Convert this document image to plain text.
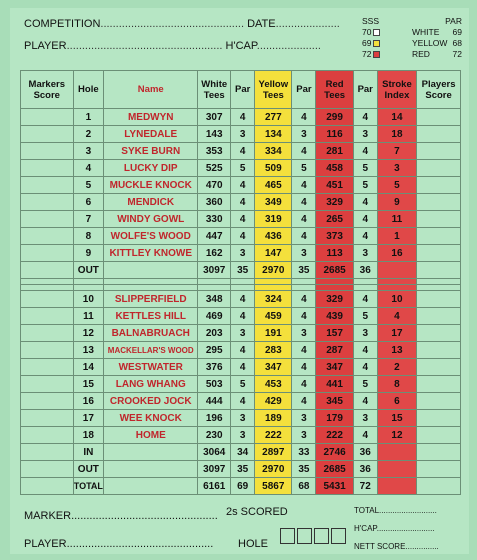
COMPETITION............................................... DATE.....................
PLAYER................................................... H'CAP.....................
SSS	PAR
70	WHITE 69
69	YELLOW 68
72	RED	72
Markers Score	Hole	Name	White Tees	Par	Yellow Tees	Par	Red Tees	Par	Stroke Index	Players Score
	1	MEDWYN	307	4	277	4	299	4	14	
	2	LYNEDALE	143	3	134	3	116	3	18	
	3	SYKE BURN	353	4	334	4	281	4	7	
	4	LUCKY DIP	525	5	509	5	458	5	3	
	5	MUCKLE KNOCK	470	4	465	4	451	5	5	
	6	MENDICK	360	4	349	4	329	4	9	
	7	WINDY GOWL	330	4	319	4	265	4	11	
	8	WOLFE'S WOOD	447	4	436	4	373	4	1	
	9	KITTLEY KNOWE	162	3	147	3	113	3	16	
	OUT		3097	35	2970	35	2685	36		

	10	SLIPPERFIELD	348	4	324	4	329	4	10	
	11	KETTLES HILL	469	4	459	4	439	5	4	
	12	BALNABRUACH	203	3	191	3	157	3	17	
	13	MACKELLAR'S WOOD	295	4	283	4	287	4	13	
	14	WESTWATER	376	4	347	4	347	4	2	
	15	LANG WHANG	503	5	453	4	441	5	8	
	16	CROOKED JOCK	444	4	429	4	345	4	6	
	17	WEE KNOCK	196	3	189	3	179	3	15	
	18	HOME	230	3	222	3	222	4	12	
	IN		3064	34	2897	33	2746	36		
	OUT		3097	35	2970	35	2685	36		
	TOTAL		6161	69	5867	68	5431	72		
MARKER................................................ 2s SCORED
PLAYER................................................ HOLE
TOTAL..........................
H'CAP..........................
NETT SCORE...............
